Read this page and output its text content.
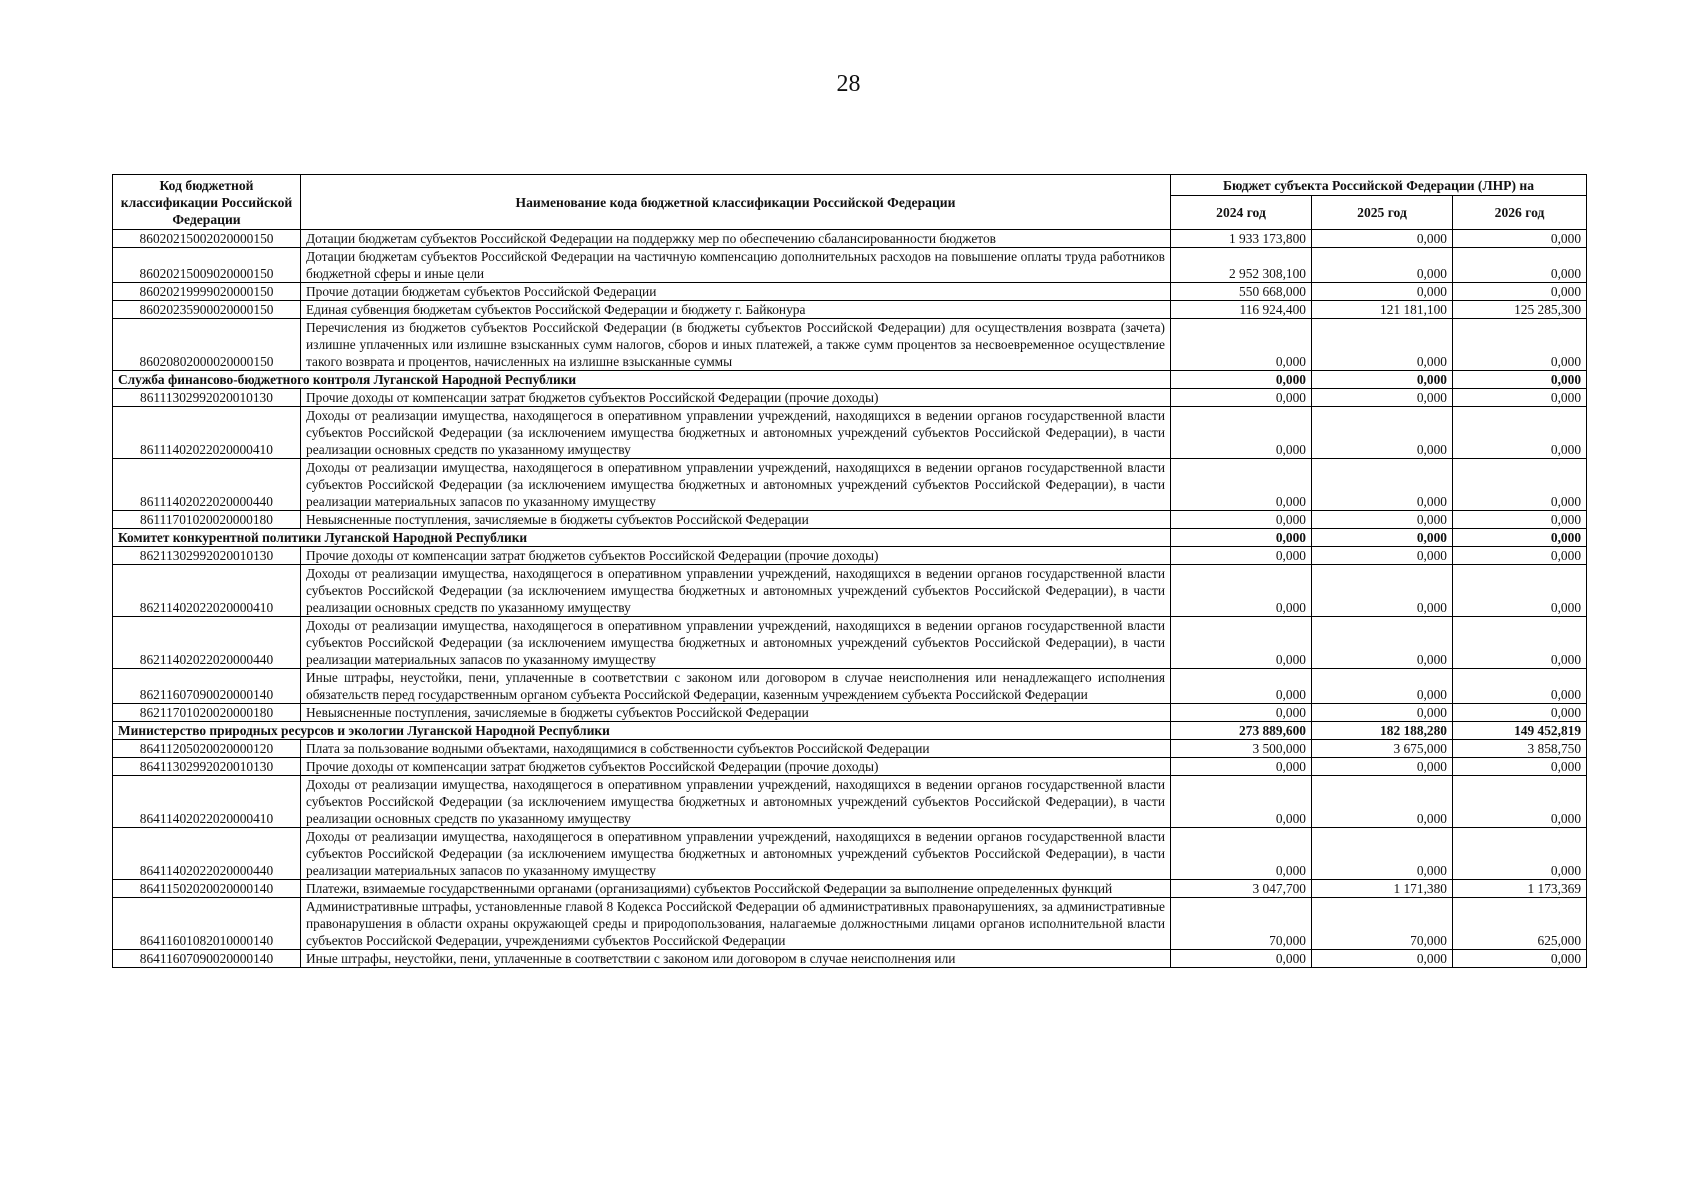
28
Код бюджетной классификации Российской Федерации	Наименование кода бюджетной классификации Российской Федерации	Бюджет субъекта Российской Федерации (ЛНР) на		
		2024 год	2025 год	2026 год
86020215002020000150	Дотации бюджетам субъектов Российской Федерации на поддержку мер по обеспечению сбалансированности бюджетов	1 933 173,800	0,000	0,000
86020215009020000150	Дотации бюджетам субъектов Российской Федерации на частичную компенсацию дополнительных расходов на повышение оплаты труда работников бюджетной сферы и иные цели	2 952 308,100	0,000	0,000
86020219999020000150	Прочие дотации бюджетам субъектов Российской Федерации	550 668,000	0,000	0,000
86020235900020000150	Единая субвенция бюджетам субъектов Российской Федерации и бюджету г. Байконура	116 924,400	121 181,100	125 285,300
86020802000020000150	Перечисления из бюджетов субъектов Российской Федерации (в бюджеты субъектов Российской Федерации) для осуществления возврата (зачета) излишне уплаченных или излишне взысканных сумм налогов, сборов и иных платежей, а также сумм процентов за несвоевременное осуществление такого возврата и процентов, начисленных на излишне взысканные суммы	0,000	0,000	0,000
Служба финансово-бюджетного контроля Луганской Народной Республики		0,000	0,000	0,000
86111302992020010130	Прочие доходы от компенсации затрат бюджетов субъектов Российской Федерации (прочие доходы)	0,000	0,000	0,000
86111402022020000410	Доходы от реализации имущества, находящегося в оперативном управлении учреждений, находящихся в ведении органов государственной власти субъектов Российской Федерации (за исключением имущества бюджетных и автономных учреждений субъектов Российской Федерации), в части реализации основных средств по указанному имуществу	0,000	0,000	0,000
86111402022020000440	Доходы от реализации имущества, находящегося в оперативном управлении учреждений, находящихся в ведении органов государственной власти субъектов Российской Федерации (за исключением имущества бюджетных и автономных учреждений субъектов Российской Федерации), в части реализации материальных запасов по указанному имуществу	0,000	0,000	0,000
86111701020020000180	Невыясненные поступления, зачисляемые в бюджеты субъектов Российской Федерации	0,000	0,000	0,000
Комитет конкурентной политики Луганской Народной Республики		0,000	0,000	0,000
86211302992020010130	Прочие доходы от компенсации затрат бюджетов субъектов Российской Федерации (прочие доходы)	0,000	0,000	0,000
86211402022020000410	Доходы от реализации имущества, находящегося в оперативном управлении учреждений, находящихся в ведении органов государственной власти субъектов Российской Федерации (за исключением имущества бюджетных и автономных учреждений субъектов Российской Федерации), в части реализации основных средств по указанному имуществу	0,000	0,000	0,000
86211402022020000440	Доходы от реализации имущества, находящегося в оперативном управлении учреждений, находящихся в ведении органов государственной власти субъектов Российской Федерации (за исключением имущества бюджетных и автономных учреждений субъектов Российской Федерации), в части реализации материальных запасов по указанному имуществу	0,000	0,000	0,000
86211607090020000140	Иные штрафы, неустойки, пени, уплаченные в соответствии с законом или договором в случае неисполнения или ненадлежащего исполнения обязательств перед государственным органом субъекта Российской Федерации, казенным учреждением субъекта Российской Федерации	0,000	0,000	0,000
86211701020020000180	Невыясненные поступления, зачисляемые в бюджеты субъектов Российской Федерации	0,000	0,000	0,000
Министерство природных ресурсов и экологии Луганской Народной Республики		273 889,600	182 188,280	149 452,819
86411205020020000120	Плата за пользование водными объектами, находящимися в собственности субъектов Российской Федерации	3 500,000	3 675,000	3 858,750
86411302992020010130	Прочие доходы от компенсации затрат бюджетов субъектов Российской Федерации (прочие доходы)	0,000	0,000	0,000
86411402022020000410	Доходы от реализации имущества, находящегося в оперативном управлении учреждений, находящихся в ведении органов государственной власти субъектов Российской Федерации (за исключением имущества бюджетных и автономных учреждений субъектов Российской Федерации), в части реализации основных средств по указанному имуществу	0,000	0,000	0,000
86411402022020000440	Доходы от реализации имущества, находящегося в оперативном управлении учреждений, находящихся в ведении органов государственной власти субъектов Российской Федерации (за исключением имущества бюджетных и автономных учреждений субъектов Российской Федерации), в части реализации материальных запасов по указанному имуществу	0,000	0,000	0,000
86411502020020000140	Платежи, взимаемые государственными органами (организациями) субъектов Российской Федерации за выполнение определенных функций	3 047,700	1 171,380	1 173,369
86411601082010000140	Административные штрафы, установленные главой 8 Кодекса Российской Федерации об административных правонарушениях, за административные правонарушения в области охраны окружающей среды и природопользования, налагаемые должностными лицами органов исполнительной власти субъектов Российской Федерации, учреждениями субъектов Российской Федерации	70,000	70,000	625,000
86411607090020000140	Иные штрафы, неустойки, пени, уплаченные в соответствии с законом или договором в случае неисполнения или	0,000	0,000	0,000
